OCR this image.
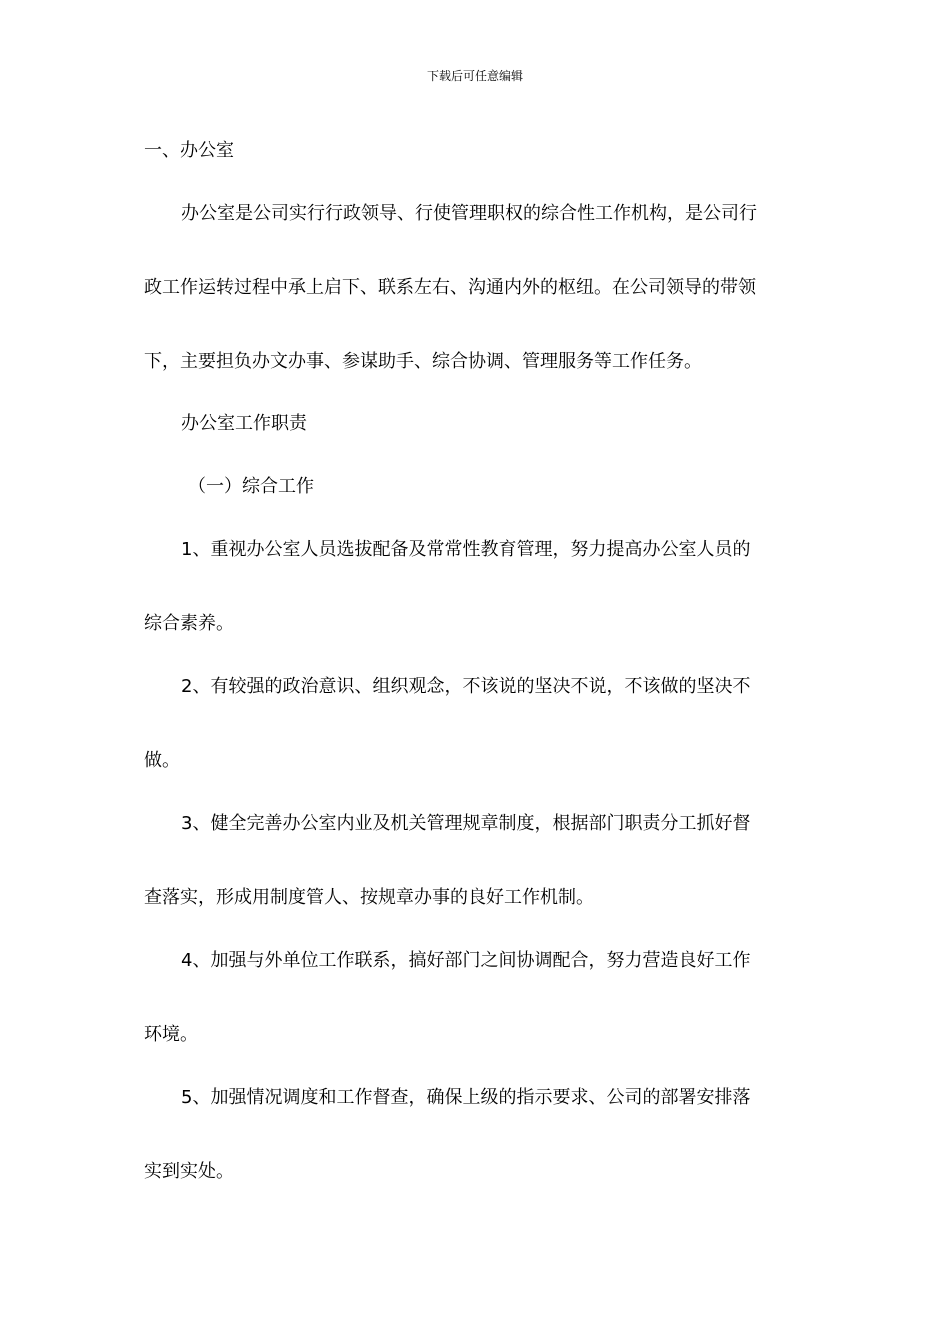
下载后可任意编辑
一、办公室
办公室是公司实行行政领导、行使管理职权的综合性工作机构，是公司行
政工作运转过程中承上启下、联系左右、沟通内外的枢纽。在公司领导的带领
下，主要担负办文办事、参谋助手、综合协调、管理服务等工作任务。
办公室工作职责
（一）综合工作
1、重视办公室人员选拔配备及常常性教育管理，努力提高办公室人员的
综合素养。
2、有较强的政治意识、组织观念，不该说的坚决不说，不该做的坚决不
做。
3、健全完善办公室内业及机关管理规章制度，根据部门职责分工抓好督
查落实，形成用制度管人、按规章办事的良好工作机制。
4、加强与外单位工作联系，搞好部门之间协调配合，努力营造良好工作
环境。
5、加强情况调度和工作督查，确保上级的指示要求、公司的部署安排落
实到实处。
